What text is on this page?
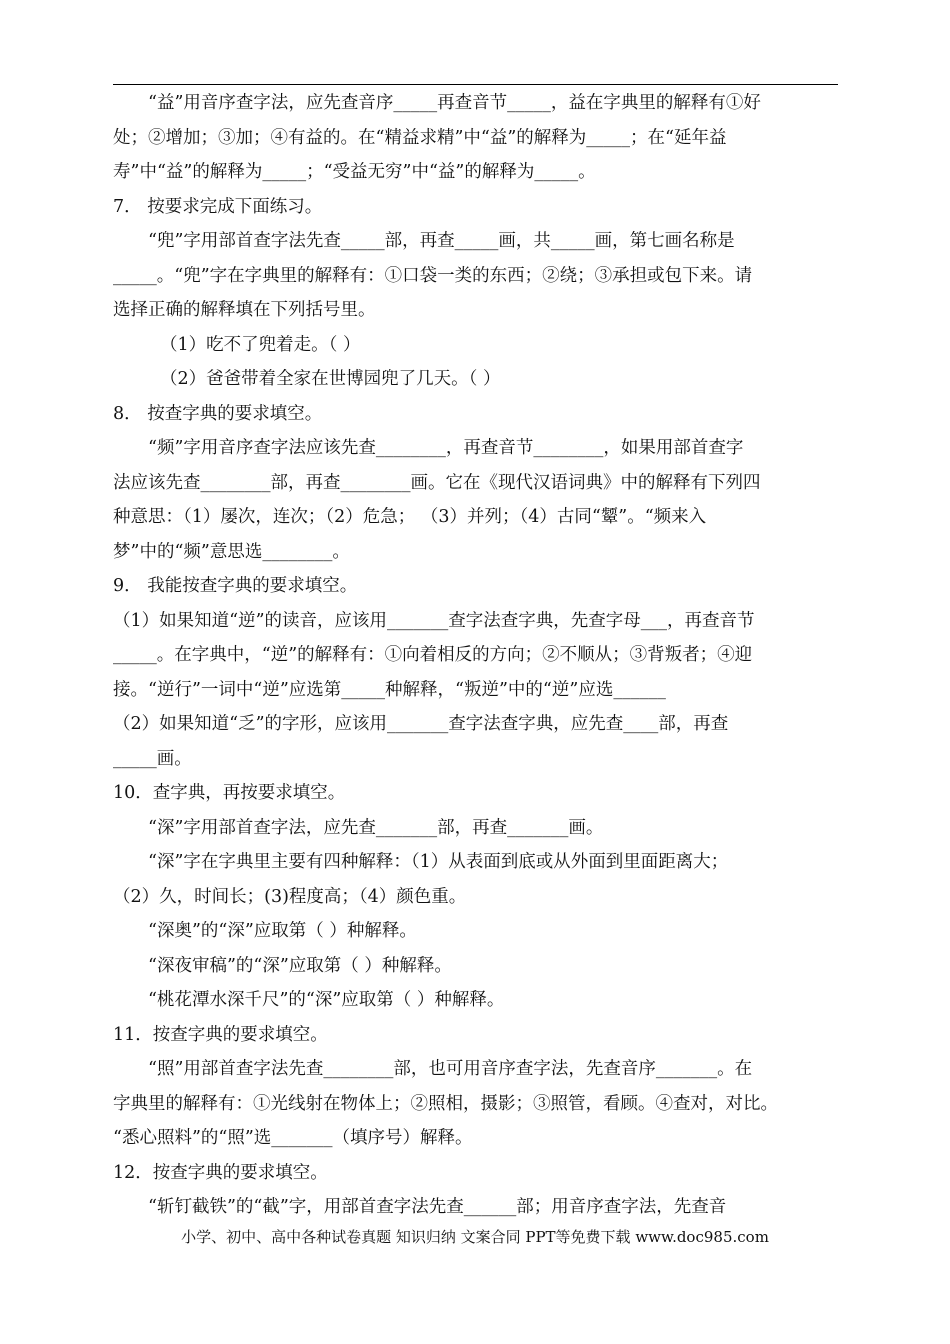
“益”用音序查字法，应先查音序_____再查音节_____，益在字典里的解释有①好
处；②增加；③加；④有益的。在“精益求精”中“益”的解释为_____；在“延年益
寿”中“益”的解释为_____；“受益无穷”中“益”的解释为_____。
7． 按要求完成下面练习。
“兜”字用部首查字法先查_____部，再查_____画，共_____画，第七画名称是
_____。“兜”字在字典里的解释有：①口袋一类的东西；②绕；③承担或包下来。请
选择正确的解释填在下列括号里。
（1）吃不了兜着走。（ ）
（2）爸爸带着全家在世博园兜了几天。（ ）
8． 按查字典的要求填空。
“频”字用音序查字法应该先查________，再查音节________，如果用部首查字
法应该先查________部，再查________画。它在《现代汉语词典》中的解释有下列四
种意思：（1）屡次，连次；（2）危急； （3）并列；（4）古同“颦”。“频来入
梦”中的“频”意思选________。
9． 我能按查字典的要求填空。
（1）如果知道“逆”的读音，应该用_______查字法查字典，先查字母___，再查音节
_____。在字典中，“逆”的解释有：①向着相反的方向；②不顺从；③背叛者；④迎
接。“逆行”一词中“逆”应选第_____种解释，“叛逆”中的“逆”应选______
（2）如果知道“乏”的字形，应该用_______查字法查字典，应先查____部，再查
_____画。
10．查字典，再按要求填空。
“深”字用部首查字法，应先查_______部，再查_______画。
“深”字在字典里主要有四种解释：（1）从表面到底或从外面到里面距离大；
（2）久，时间长；(3)程度高；（4）颜色重。
“深奥”的“深”应取第（ ）种解释。
“深夜审稿”的“深”应取第（ ）种解释。
“桃花潭水深千尺”的“深”应取第（ ）种解释。
11．按查字典的要求填空。
“照”用部首查字法先查________部，也可用音序查字法，先查音序_______。在
字典里的解释有：①光线射在物体上；②照相，摄影；③照管，看顾。④查对，对比。
“悉心照料”的“照”选_______（填序号）解释。
12．按查字典的要求填空。
“斩钉截铁”的“截”字，用部首查字法先查______部；用音序查字法，先查音
小学、初中、高中各种试卷真题 知识归纳 文案合同 PPT等免费下载 www.doc985.com
